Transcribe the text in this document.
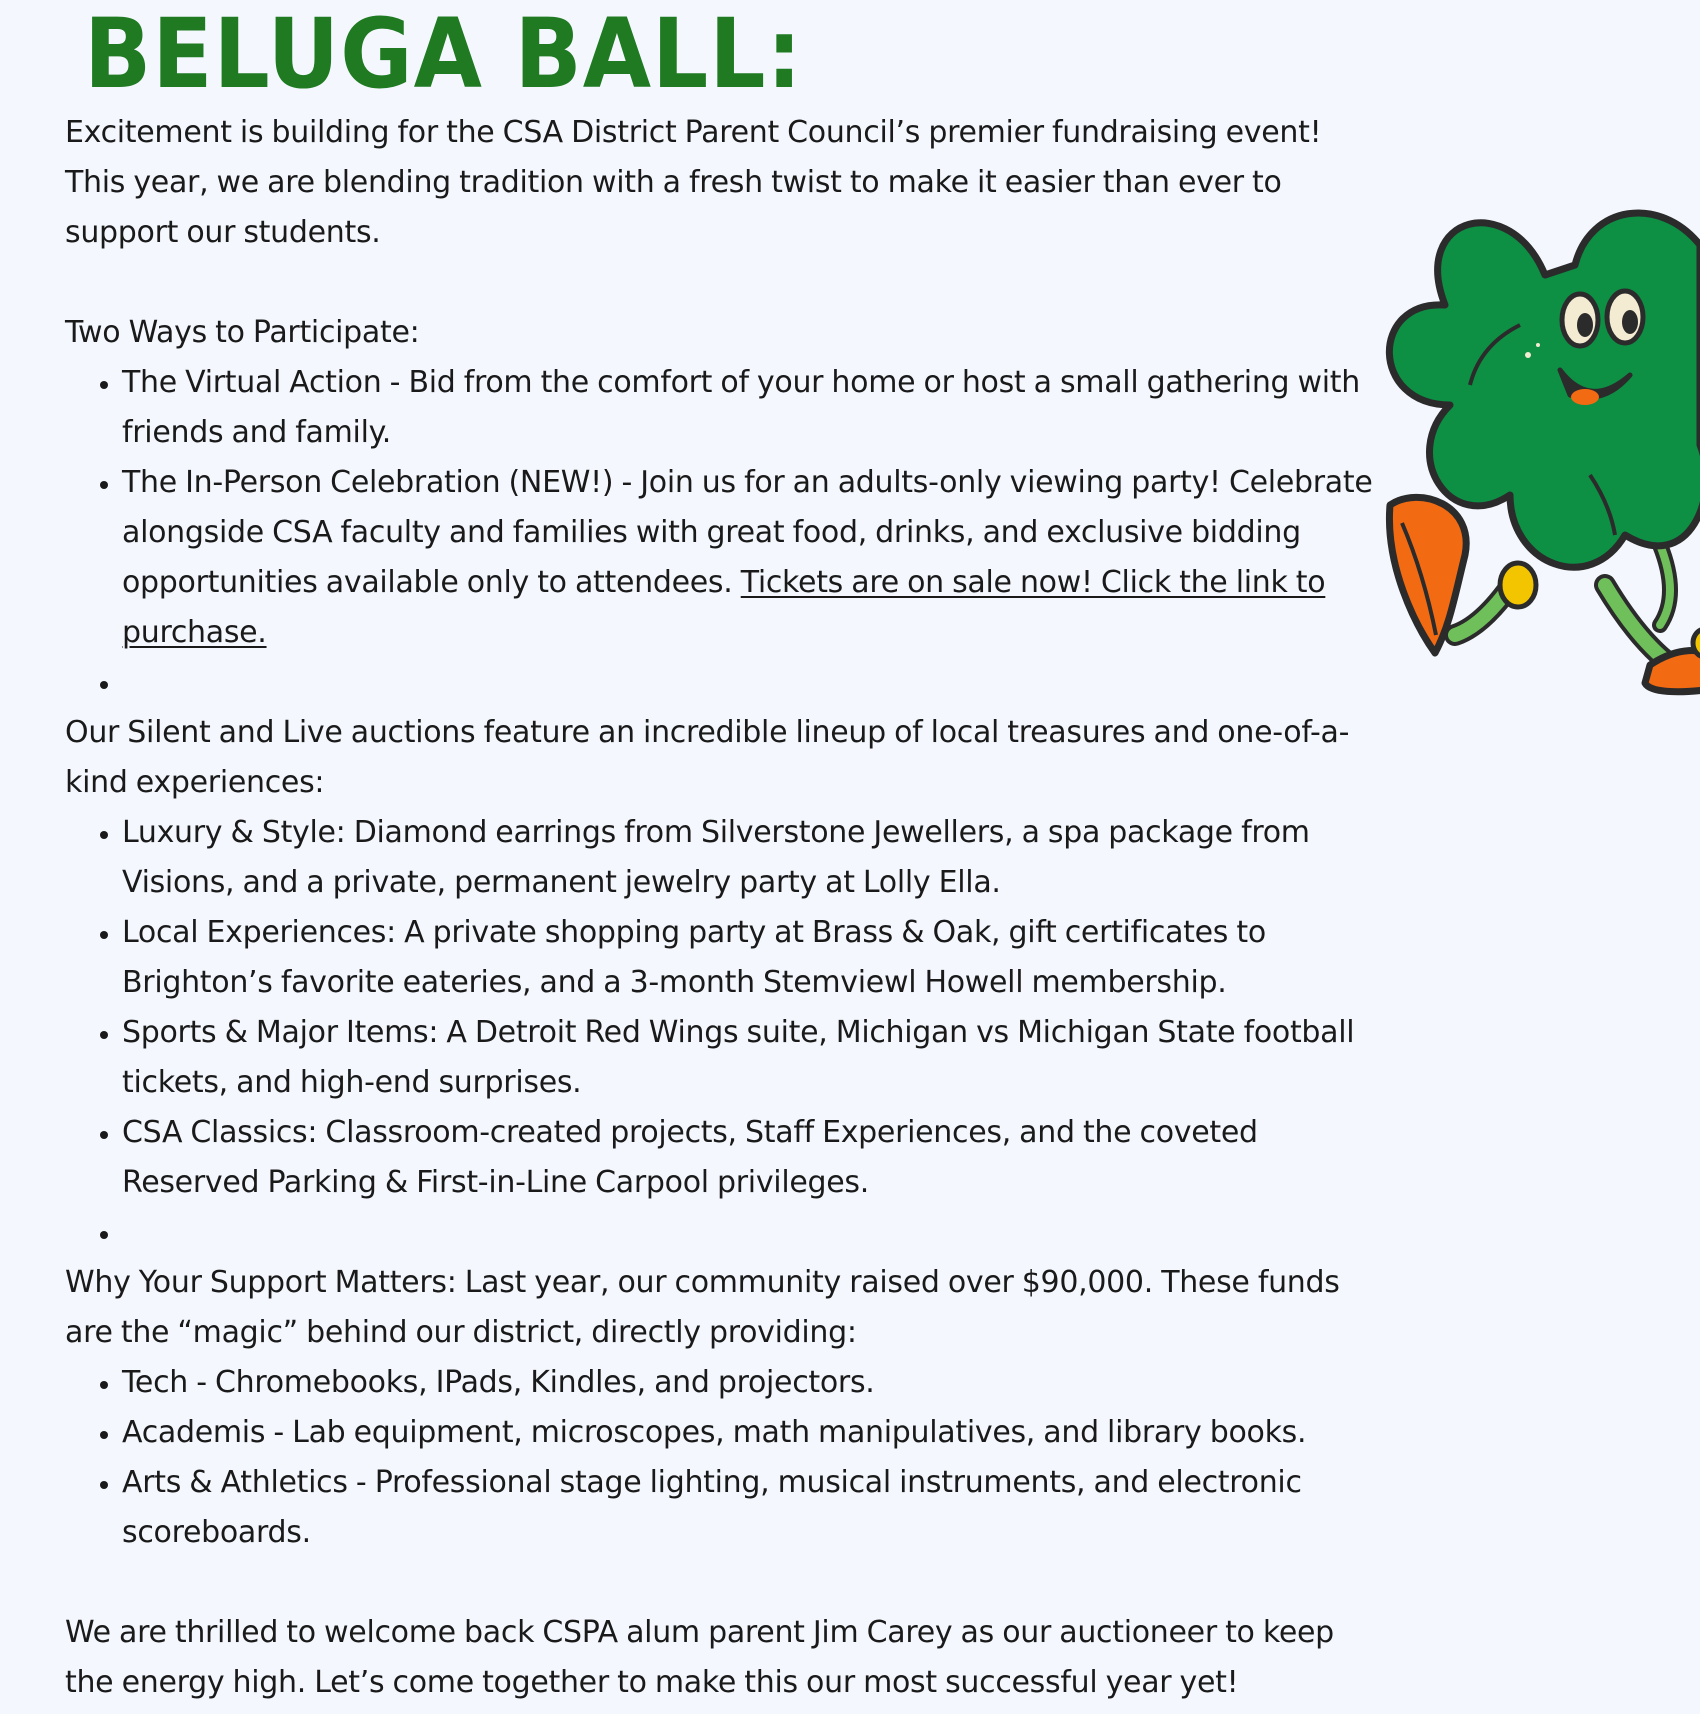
BELUGA BALL:

Excitement is building for the CSA District Parent Council’s premier fundraising event! This year, we are blending tradition with a fresh twist to make it easier than ever to support our students.

Two Ways to Participate:

• The Virtual Action - Bid from the comfort of your home or host a small gathering with friends and family.
• The In-Person Celebration (NEW!) - Join us for an adults-only viewing party! Celebrate alongside CSA faculty and families with great food, drinks, and exclusive bidding opportunities available only to attendees. Tickets are on sale now! Click the link to purchase.
•

Our Silent and Live auctions feature an incredible lineup of local treasures and one-of-a-kind experiences:

• Luxury & Style: Diamond earrings from Silverstone Jewellers, a spa package from Visions, and a private, permanent jewelry party at Lolly Ella.
• Local Experiences: A private shopping party at Brass & Oak, gift certificates to Brighton’s favorite eateries, and a 3-month Stemviewl Howell membership.
• Sports & Major Items: A Detroit Red Wings suite, Michigan vs Michigan State football tickets, and high-end surprises.
• CSA Classics: Classroom-created projects, Staff Experiences, and the coveted Reserved Parking & First-in-Line Carpool privileges.
•

Why Your Support Matters: Last year, our community raised over $90,000. These funds are the “magic” behind our district, directly providing:

• Tech - Chromebooks, IPads, Kindles, and projectors.
• Academis - Lab equipment, microscopes, math manipulatives, and library books.
• Arts & Athletics - Professional stage lighting, musical instruments, and electronic scoreboards.

We are thrilled to welcome back CSPA alum parent Jim Carey as our auctioneer to keep the energy high. Let’s come together to make this our most successful year yet!
